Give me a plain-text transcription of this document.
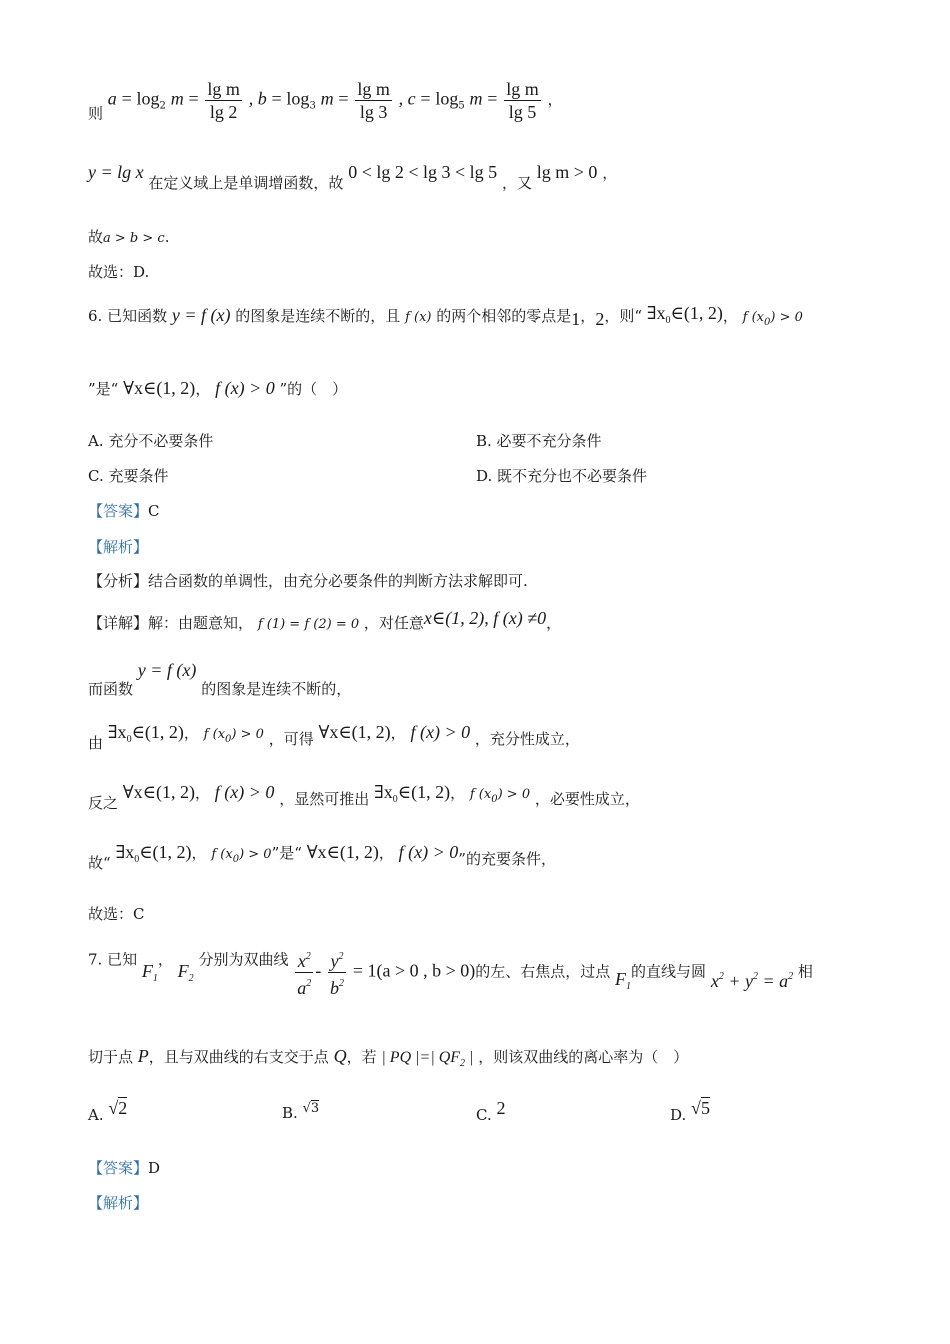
则 $a = \log_2 m = \frac{\text{lg m}}{\lg 2}$ , $b = \log_3 m = \frac{\text{lg m}}{\lg 3}$ , $c = \log_5 m = \frac{\text{lg m}}{\lg 5}$ ，
y = lg x 在定义域上是单调增函数，故 0 < lg 2 < lg 3 < lg 5 ，又 lg m > 0 ，
故a > b > c.
故选：D.
6. 已知函数 y = f (x) 的图象是连续不断的，且 f (x) 的两个相邻的零点是1，2，则“ $\exists x_0\in(1$, 2)， f $(x_0) > 0$
”是“ ∀x∈(1, 2)， f (x) > 0 ”的（　）
A. 充分不必要条件	B. 必要不充分条件
C. 充要条件	D. 既不充分也不必要条件
【答案】C
【解析】
【分析】结合函数的单调性，由充分必要条件的判断方法求解即可.
【详解】解：由题意知， f (1) = f (2) = 0 ，对任意x∈(1, 2), f (x) ≠0，
而函数 y = f (x) 的图象是连续不断的，
由 $\exists x_0\in(1$, 2)， f $(x_0) > 0$ ，可得 ∀x∈(1, 2)， f (x) > 0 ，充分性成立，
反之 ∀x∈(1, 2)， f (x) > 0 ，显然可推出 $\exists x_0\in(1$, 2)， f $(x_0) > 0$ ，必要性成立，
故“ $\exists x_0\in(1$, 2)， f $(x_0) > 0$”是“ ∀x∈(1, 2)， f (x) > 0”的充要条件，
故选：C
7. 已知 $F_1$， $F_2$ 分别为双曲线 $\frac{x^2}{a^2} - \frac{y^2}{b^2} = 1(a > 0$ , b > 0)的左、右焦点，过点 $F_1$的直线与圆 $x^2 + y^2 = a^2$ 相
切于点 P，且与双曲线的右支交于点 Q，若 | PQ |=| $QF_2$ | ，则该双曲线的离心率为（　）
A. √2	B. √3	C. 2	D. √5
【答案】D
【解析】
